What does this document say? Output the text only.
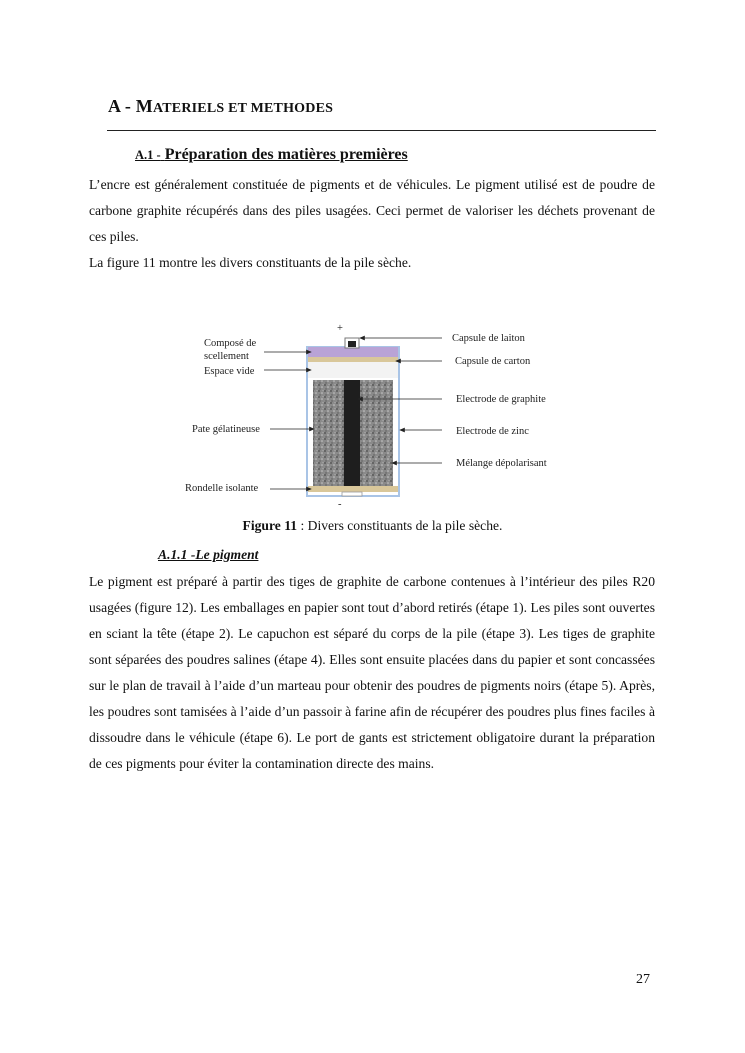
A - MATERIELS ET METHODES
A.1 - Préparation des matières premières
L’encre est généralement constituée de pigments et de véhicules. Le pigment utilisé est de poudre de carbone graphite récupérés dans des piles usagées. Ceci permet de valoriser les déchets provenant de ces piles.
La figure 11 montre les divers constituants de la pile sèche.
+
-
Composé de
scellement
Espace vide
Pate gélatineuse
Rondelle isolante
Capsule de laiton
Capsule de carton
Electrode de graphite
Electrode de zinc
Mélange dépolarisant
Figure 11 : Divers constituants de la pile sèche.
A.1.1 -Le pigment
Le pigment est préparé à partir des tiges de graphite de carbone contenues à l’intérieur des piles R20 usagées (figure 12). Les emballages en papier sont tout d’abord retirés (étape 1). Les piles sont ouvertes en sciant la tête (étape 2). Le capuchon est séparé du corps de la pile (étape 3). Les tiges de graphite sont séparées des poudres salines (étape 4). Elles sont ensuite placées dans du papier et sont concassées sur le plan de travail à l’aide d’un marteau pour obtenir des poudres de pigments noirs (étape 5). Après, les poudres sont tamisées à l’aide d’un passoir à farine afin de récupérer des poudres plus fines faciles à dissoudre dans le véhicule (étape 6). Le port de gants est strictement obligatoire durant la préparation de ces pigments pour éviter la contamination directe des mains.
27
